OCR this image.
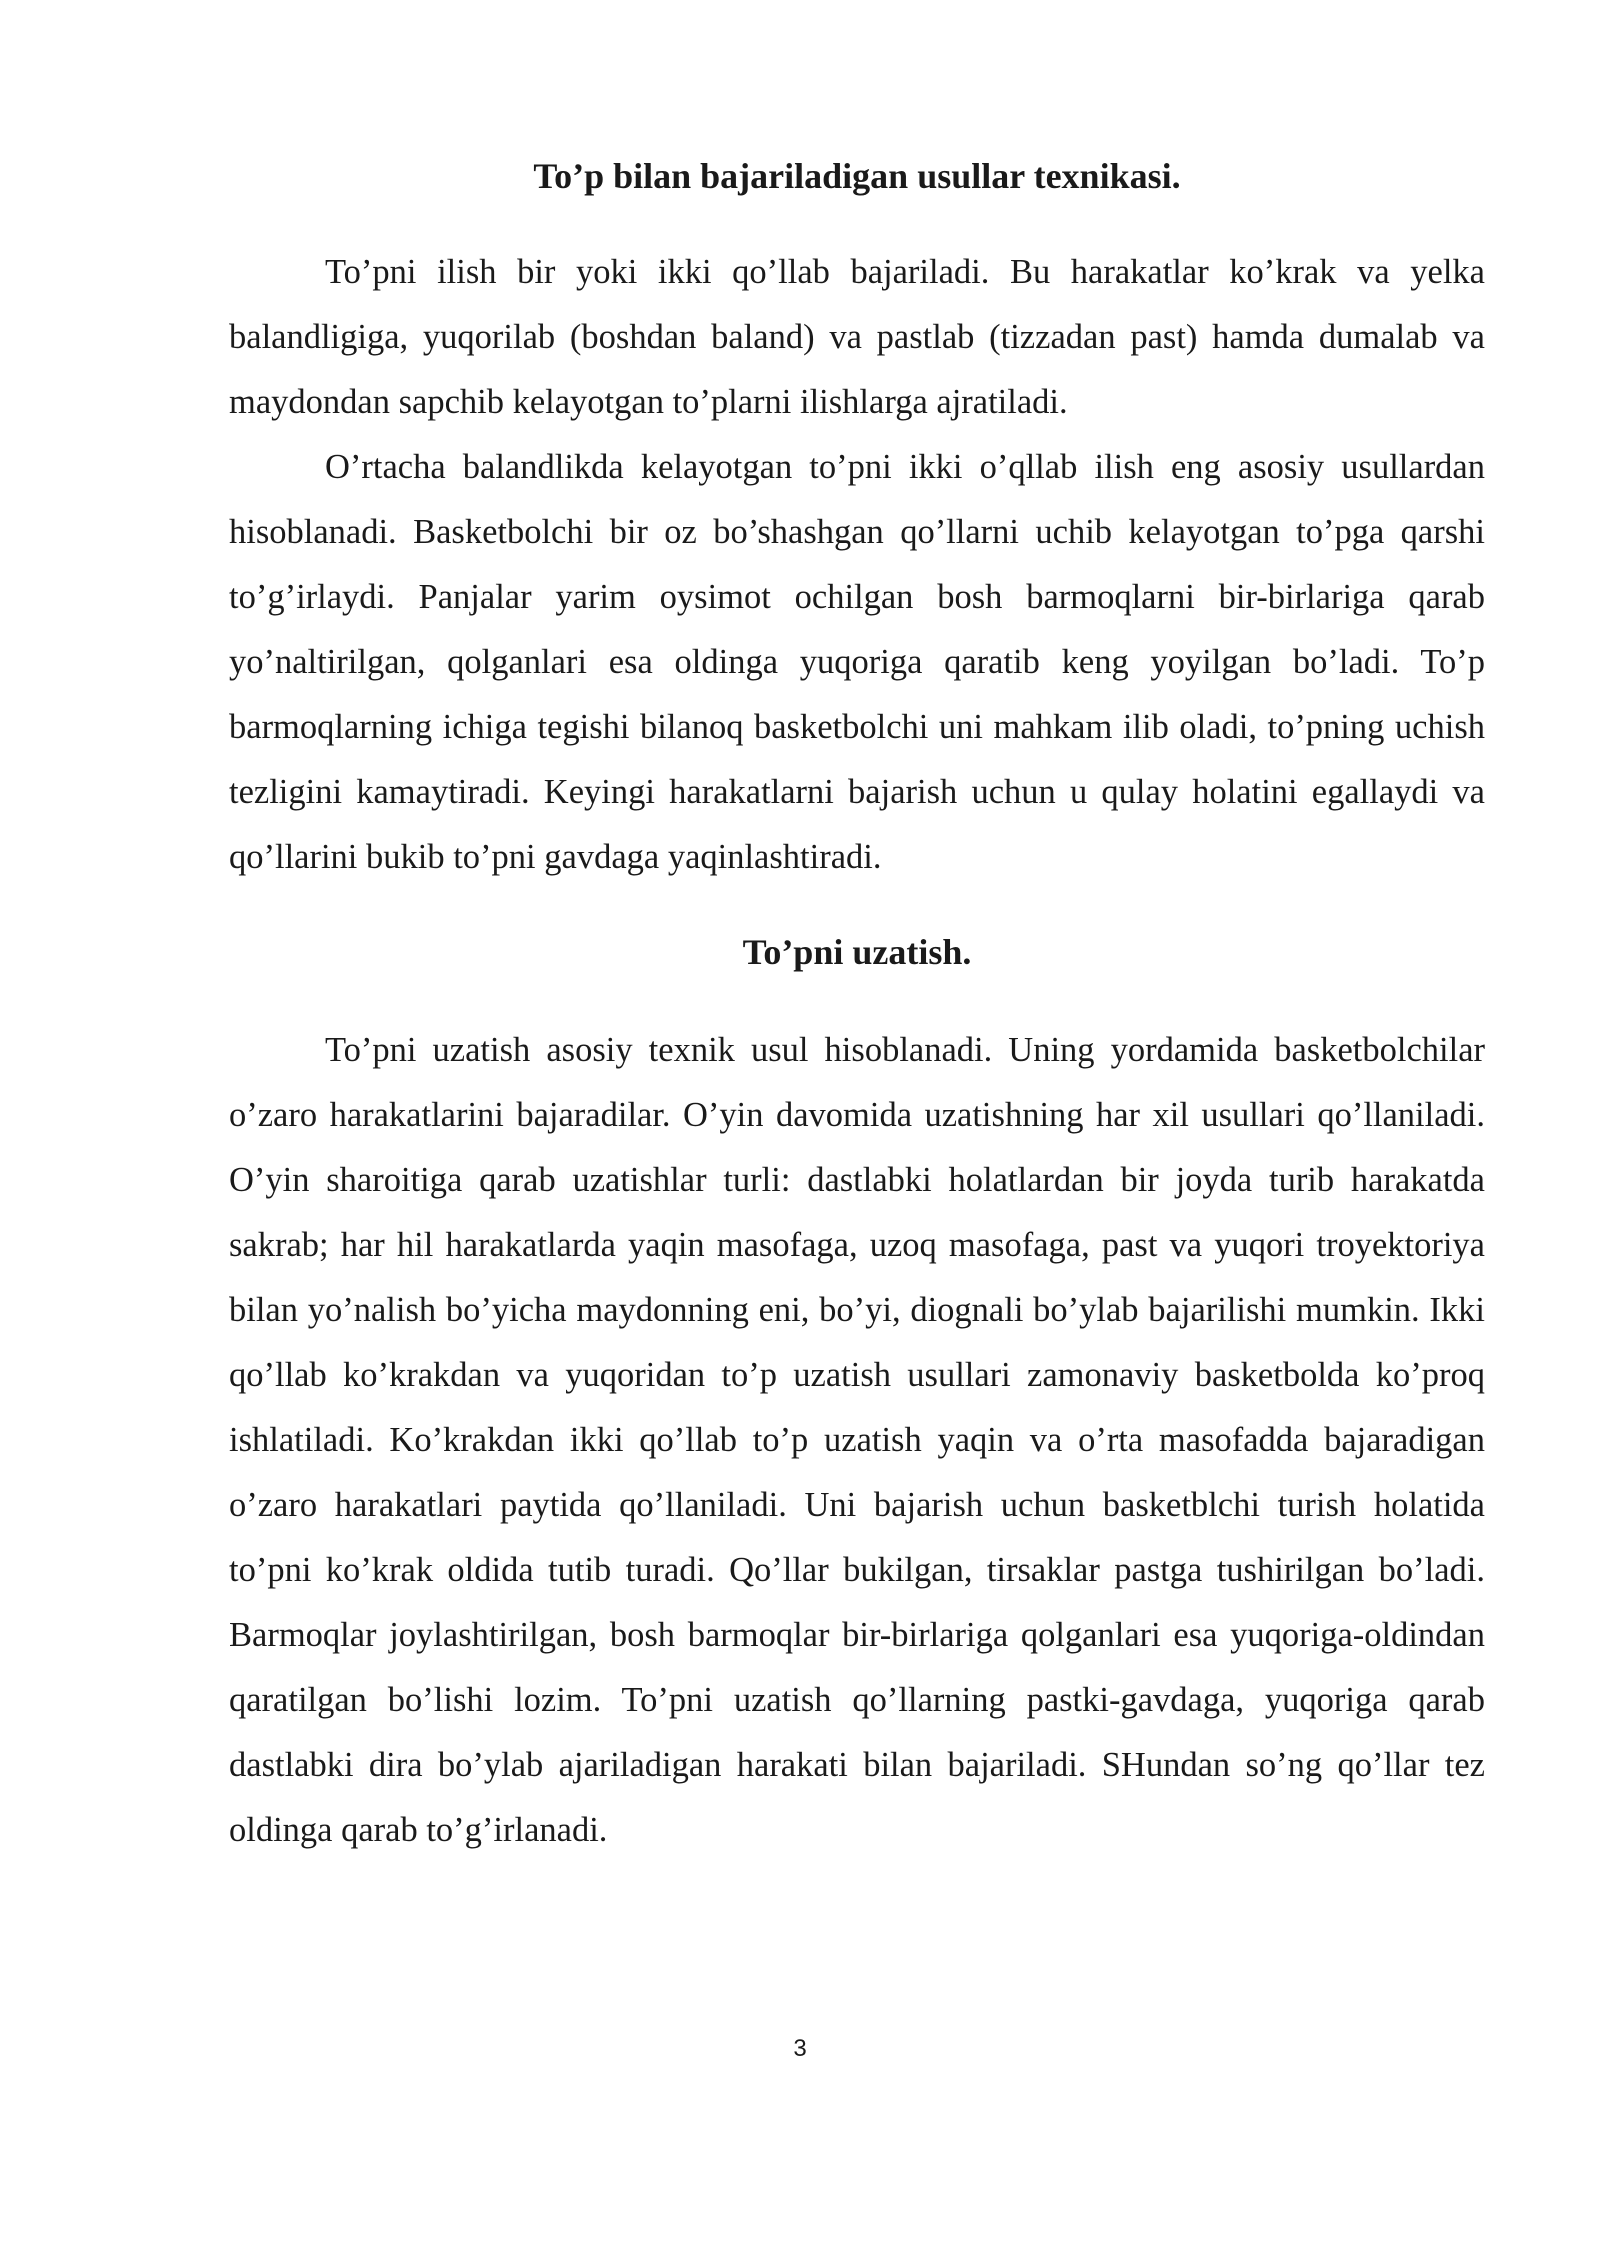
To’p bilan bajariladigan usullar texnikasi.

To’pni ilish bir yoki ikki qo’llab bajariladi. Bu harakatlar ko’krak va yelka balandligiga, yuqorilab (boshdan baland) va pastlab (tizzadan past) hamda dumalab va maydondan sapchib kelayotgan to’plarni ilishlarga ajratiladi.

O’rtacha balandlikda kelayotgan to’pni ikki o’qllab ilish eng asosiy usullardan hisoblanadi. Basketbolchi bir oz bo’shashgan qo’llarni uchib kelayotgan to’pga qarshi to’g’irlaydi. Panjalar yarim oysimot ochilgan bosh barmoqlarni bir-birlariga qarab yo’naltirilgan, qolganlari esa oldinga yuqoriga qaratib keng yoyilgan bo’ladi. To’p barmoqlarning ichiga tegishi bilanoq basketbolchi uni mahkam ilib oladi, to’pning uchish tezligini kamaytiradi. Keyingi harakatlarni bajarish uchun u qulay holatini egallaydi va qo’llarini bukib to’pni gavdaga yaqinlashtiradi.

To’pni uzatish.

To’pni uzatish asosiy texnik usul hisoblanadi. Uning yordamida basketbolchilar o’zaro harakatlarini bajaradilar. O’yin davomida uzatishning har xil usullari qo’llaniladi. O’yin sharoitiga qarab uzatishlar turli: dastlabki holatlardan bir joyda turib harakatda sakrab; har hil harakatlarda yaqin masofaga, uzoq masofaga, past va yuqori troyektoriya bilan yo’nalish bo’yicha maydonning eni, bo’yi, diognali bo’ylab bajarilishi mumkin. Ikki qo’llab ko’krakdan va yuqoridan to’p uzatish usullari zamonaviy basketbolda ko’proq ishlatiladi. Ko’krakdan ikki qo’llab to’p uzatish yaqin va o’rta masofadda bajaradigan o’zaro harakatlari paytida qo’llaniladi. Uni bajarish uchun basketblchi turish holatida to’pni ko’krak oldida tutib turadi. Qo’llar bukilgan, tirsaklar pastga tushirilgan bo’ladi. Barmoqlar joylashtirilgan, bosh barmoqlar bir-birlariga qolganlari esa yuqoriga-oldindan qaratilgan bo’lishi lozim. To’pni uzatish qo’llarning pastki-gavdaga, yuqoriga qarab dastlabki dira bo’ylab ajariladigan harakati bilan bajariladi. SHundan so’ng qo’llar tez oldinga qarab to’g’irlanadi.

3
